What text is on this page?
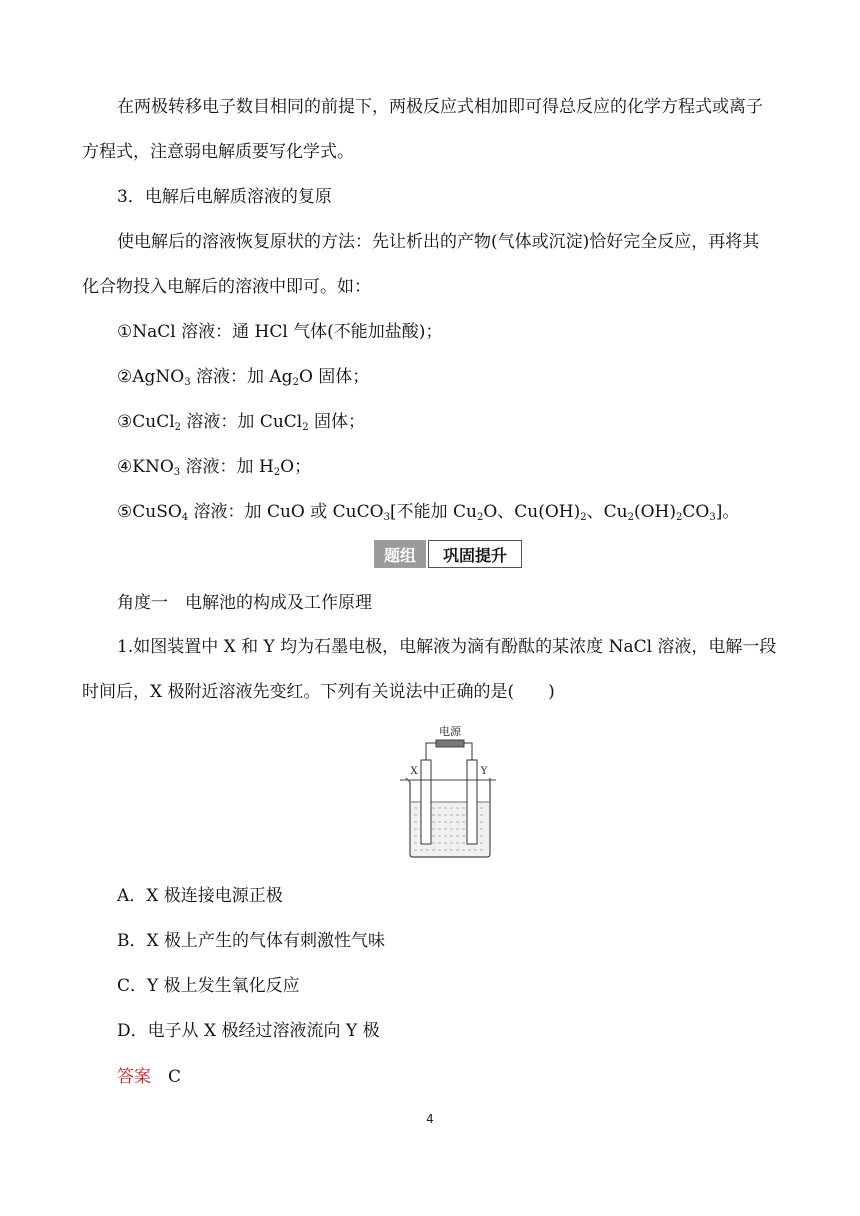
在两极转移电子数目相同的前提下，两极反应式相加即可得总反应的化学方程式或离子
方程式，注意弱电解质要写化学式。
3．电解后电解质溶液的复原
使电解后的溶液恢复原状的方法：先让析出的产物(气体或沉淀)恰好完全反应，再将其
化合物投入电解后的溶液中即可。如：
①NaCl 溶液：通 HCl 气体(不能加盐酸)；
②AgNO$_3$ 溶液：加 $Ag_2O$ 固体；
③CuCl$_2$ 溶液：加 CuCl$_2$ 固体；
$④KNO_3$ 溶液：加 $H_2O$；
⑤CuSO$_4$ 溶液：加 CuO 或 CuCO$_3$[不能加 $Cu_2O$、$Cu(OH)_2$、$Cu_2(OH)_2CO_3$]。
题组	巩固提升
角度一　电解池的构成及工作原理
1.如图装置中 X 和 Y 均为石墨电极，电解液为滴有酚酞的某浓度 NaCl 溶液，电解一段
时间后，X 极附近溶液先变红。下列有关说法中正确的是(　　)
电源
X	Y
A．X 极连接电源正极
B．X 极上产生的气体有刺激性气味
C．Y 极上发生氧化反应
D．电子从 X 极经过溶液流向 Y 极
答案　 C
4
